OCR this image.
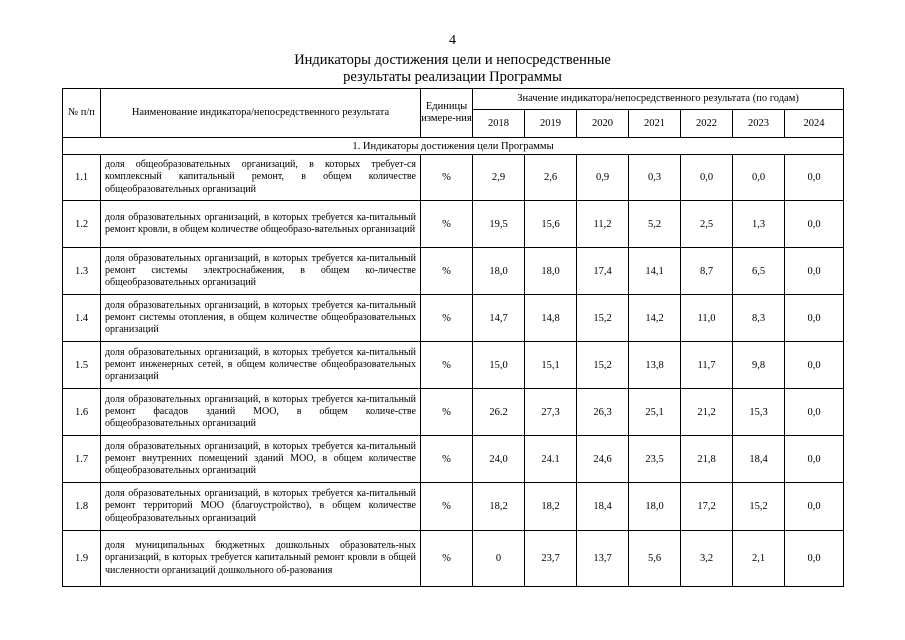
4
Индикаторы достижения цели и непосредственные
результаты реализации Программы
№ п/п	Наименование индикатора/непосредственного результата	Единицы измере-ния	Значение индикатора/непосредственного результата (по годам)						
			2018	2019	2020	2021	2022	2023	2024
1. Индикаторы достижения цели Программы									
1.1	доля общеобразовательных организаций, в которых требует-ся комплексный капитальный ремонт, в общем количестве общеобразовательных организаций	%	2,9	2,6	0,9	0,3	0,0	0,0	0,0
1.2	доля образовательных организаций, в которых требуется ка-питальный ремонт кровли, в общем количестве общеобразо-вательных организаций	%	19,5	15,6	11,2	5,2	2,5	1,3	0,0
1.3	доля образовательных организаций, в которых требуется ка-питальный ремонт системы электроснабжения, в общем ко-личестве общеобразовательных организаций	%	18,0	18,0	17,4	14,1	8,7	6,5	0,0
1.4	доля образовательных организаций, в которых требуется ка-питальный ремонт системы отопления, в общем количестве общеобразовательных организаций	%	14,7	14,8	15,2	14,2	11,0	8,3	0,0
1.5	доля образовательных организаций, в которых требуется ка-питальный ремонт инженерных сетей, в общем количестве общеобразовательных организаций	%	15,0	15,1	15,2	13,8	11,7	9,8	0,0
1.6	доля образовательных организаций, в которых требуется ка-питальный ремонт фасадов зданий МОО, в общем количе-стве общеобразовательных организаций	%	26.2	27,3	26,3	25,1	21,2	15,3	0,0
1.7	доля образовательных организаций, в которых требуется ка-питальный ремонт внутренних помещений зданий МОО, в общем количестве общеобразовательных организаций	%	24,0	24.1	24,6	23,5	21,8	18,4	0,0
1.8	доля образовательных организаций, в которых требуется ка-питальный ремонт территорий МОО (благоустройство), в общем количестве общеобразовательных организаций	%	18,2	18,2	18,4	18,0	17,2	15,2	0,0
1.9	доля муниципальных бюджетных дошкольных образователь-ных организаций, в которых требуется капитальный ремонт кровли в общей численности организаций дошкольного об-разования	%	0	23,7	13,7	5,6	3,2	2,1	0,0
